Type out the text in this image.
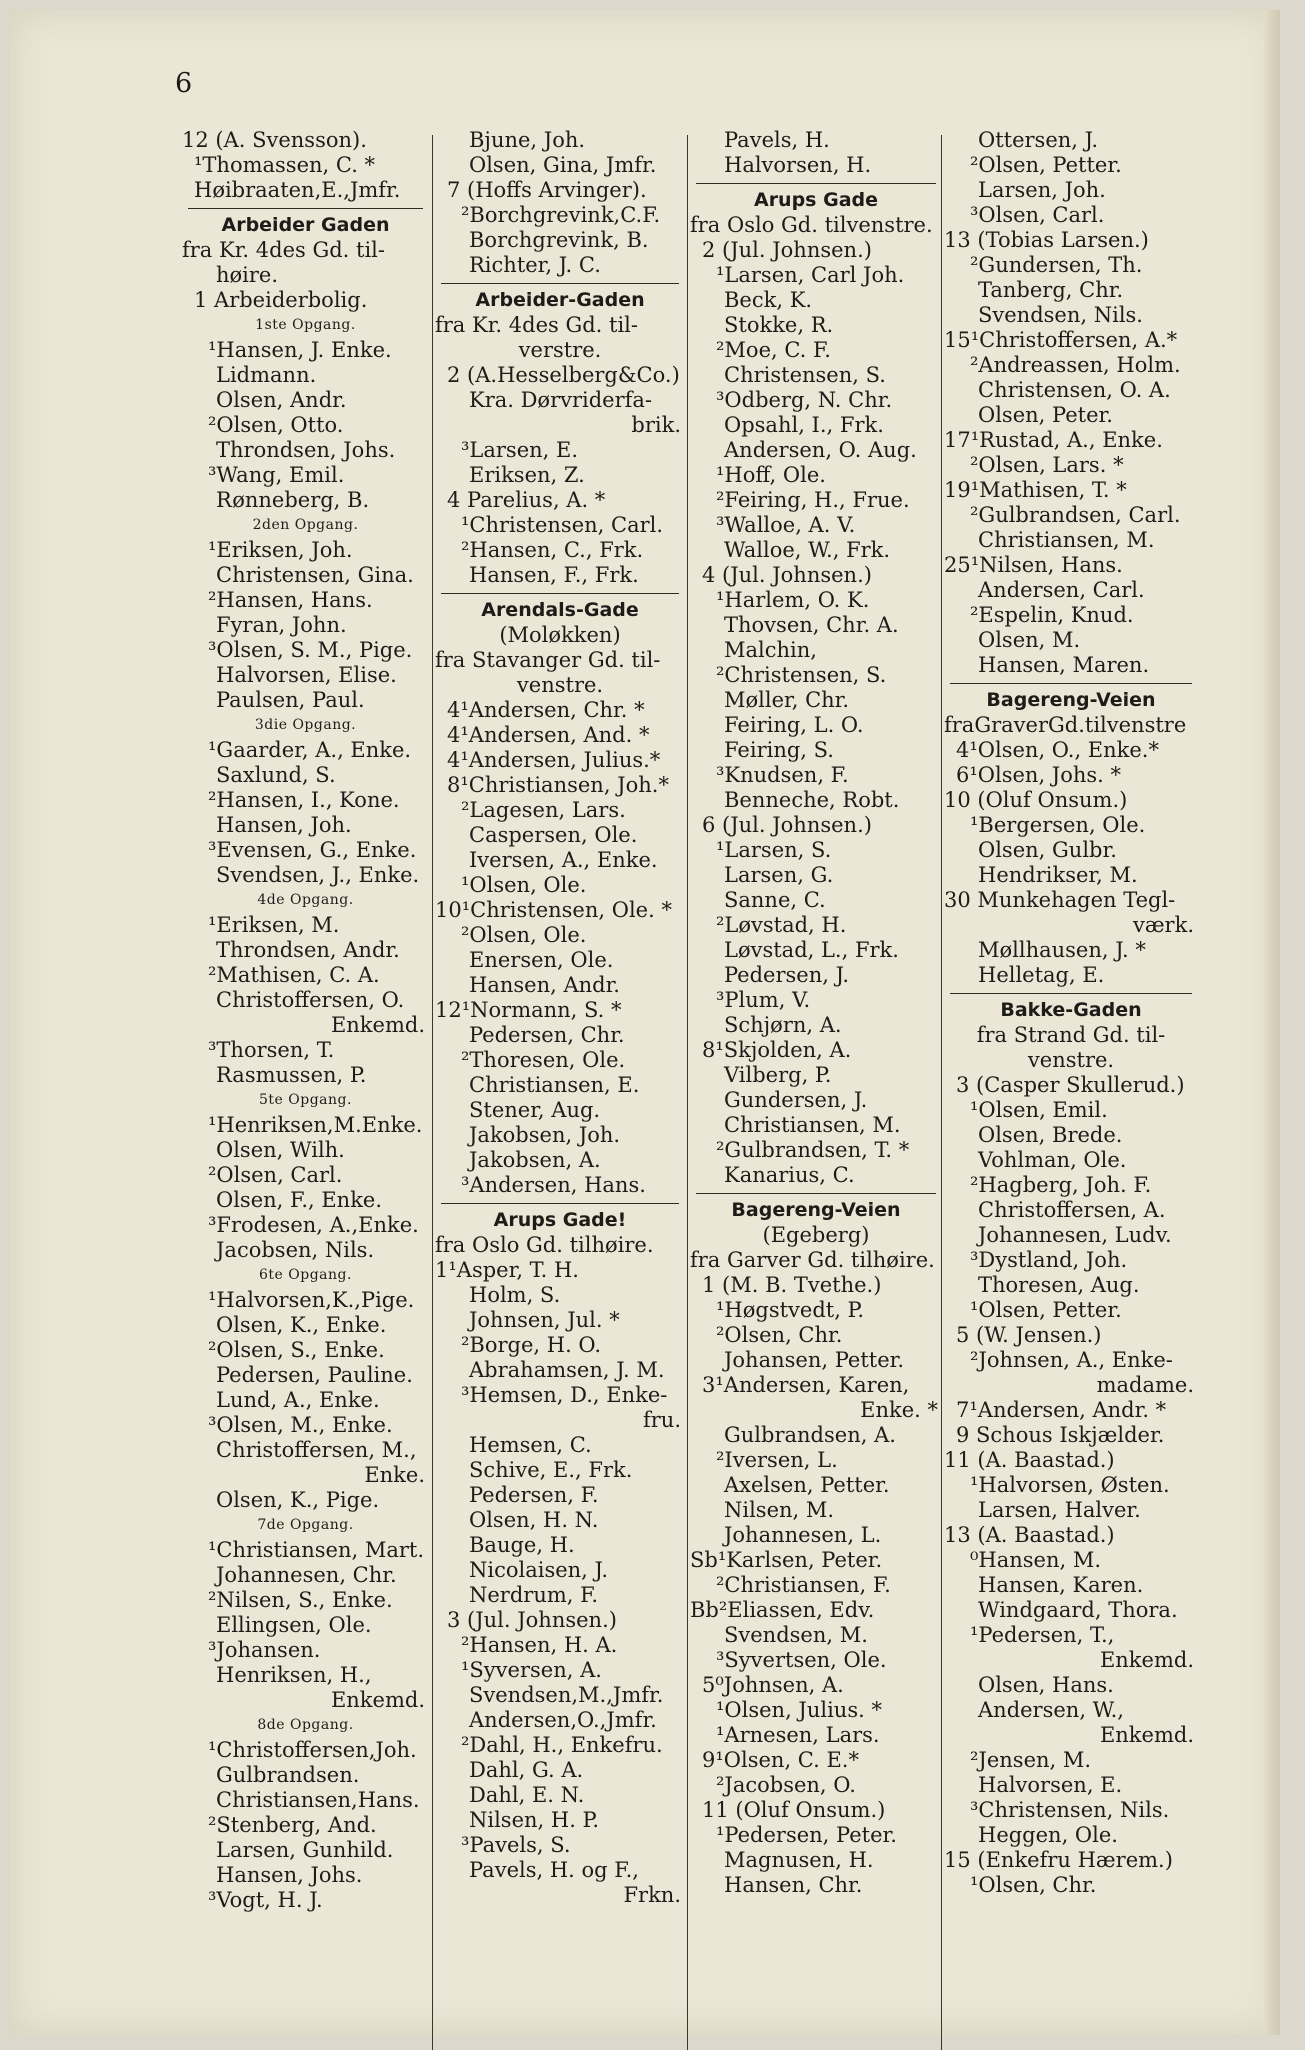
6
12 (A. Svensson).
¹Thomassen, C. *
Høibraaten,E.,Jmfr.
Arbeider Gaden
fra Kr. 4des Gd. til-
høire.
1 Arbeiderbolig.
1ste Opgang.
¹Hansen, J. Enke.
Lidmann.
Olsen, Andr.
²Olsen, Otto.
Throndsen, Johs.
³Wang, Emil.
Rønneberg, B.
2den Opgang.
¹Eriksen, Joh.
Christensen, Gina.
²Hansen, Hans.
Fyran, John.
³Olsen, S. M., Pige.
Halvorsen, Elise.
Paulsen, Paul.
3die Opgang.
¹Gaarder, A., Enke.
Saxlund, S.
²Hansen, I., Kone.
Hansen, Joh.
³Evensen, G., Enke.
Svendsen, J., Enke.
4de Opgang.
¹Eriksen, M.
Throndsen, Andr.
²Mathisen, C. A.
Christoffersen, O.
Enkemd.
³Thorsen, T.
Rasmussen, P.
5te Opgang.
¹Henriksen,M.Enke.
Olsen, Wilh.
²Olsen, Carl.
Olsen, F., Enke.
³Frodesen, A.,Enke.
Jacobsen, Nils.
6te Opgang.
¹Halvorsen,K.,Pige.
Olsen, K., Enke.
²Olsen, S., Enke.
Pedersen, Pauline.
Lund, A., Enke.
³Olsen, M., Enke.
Christoffersen, M.,
Enke.
Olsen, K., Pige.
7de Opgang.
¹Christiansen, Mart.
Johannesen, Chr.
²Nilsen, S., Enke.
Ellingsen, Ole.
³Johansen.
Henriksen, H.,
Enkemd.
8de Opgang.
¹Christoffersen,Joh.
Gulbrandsen.
Christiansen,Hans.
²Stenberg, And.
Larsen, Gunhild.
Hansen, Johs.
³Vogt, H. J.
Bjune, Joh.
Olsen, Gina, Jmfr.
7 (Hoffs Arvinger).
²Borchgrevink,C.F.
Borchgrevink, B.
Richter, J. C.
Arbeider-Gaden
fra Kr. 4des Gd. til-
verstre.
2 (A.Hesselberg&Co.)
Kra. Dørvriderfa-
brik.
³Larsen, E.
Eriksen, Z.
4 Parelius, A. *
¹Christensen, Carl.
²Hansen, C., Frk.
Hansen, F., Frk.
Arendals-Gade
(Moløkken)
fra Stavanger Gd. til-
venstre.
4¹Andersen, Chr. *
4¹Andersen, And. *
4¹Andersen, Julius.*
8¹Christiansen, Joh.*
²Lagesen, Lars.
Caspersen, Ole.
Iversen, A., Enke.
¹Olsen, Ole.
10¹Christensen, Ole. *
²Olsen, Ole.
Enersen, Ole.
Hansen, Andr.
12¹Normann, S. *
Pedersen, Chr.
²Thoresen, Ole.
Christiansen, E.
Stener, Aug.
Jakobsen, Joh.
Jakobsen, A.
³Andersen, Hans.
Arups Gade!
fra Oslo Gd. tilhøire.
1¹Asper, T. H.
Holm, S.
Johnsen, Jul. *
²Borge, H. O.
Abrahamsen, J. M.
³Hemsen, D., Enke-
fru.
Hemsen, C.
Schive, E., Frk.
Pedersen, F.
Olsen, H. N.
Bauge, H.
Nicolaisen, J.
Nerdrum, F.
3 (Jul. Johnsen.)
²Hansen, H. A.
¹Syversen, A.
Svendsen,M.,Jmfr.
Andersen,O.,Jmfr.
²Dahl, H., Enkefru.
Dahl, G. A.
Dahl, E. N.
Nilsen, H. P.
³Pavels, S.
Pavels, H. og F.,
Frkn.
Pavels, H.
Halvorsen, H.
Arups Gade
fra Oslo Gd. tilvenstre.
2 (Jul. Johnsen.)
¹Larsen, Carl Joh.
Beck, K.
Stokke, R.
²Moe, C. F.
Christensen, S.
³Odberg, N. Chr.
Opsahl, I., Frk.
Andersen, O. Aug.
¹Hoff, Ole.
²Feiring, H., Frue.
³Walloe, A. V.
Walloe, W., Frk.
4 (Jul. Johnsen.)
¹Harlem, O. K.
Thovsen, Chr. A.
Malchin,
²Christensen, S.
Møller, Chr.
Feiring, L. O.
Feiring, S.
³Knudsen, F.
Benneche, Robt.
6 (Jul. Johnsen.)
¹Larsen, S.
Larsen, G.
Sanne, C.
²Løvstad, H.
Løvstad, L., Frk.
Pedersen, J.
³Plum, V.
Schjørn, A.
8¹Skjolden, A.
Vilberg, P.
Gundersen, J.
Christiansen, M.
²Gulbrandsen, T. *
Kanarius, C.
Bagereng-Veien
(Egeberg)
fra Garver Gd. tilhøire.
1 (M. B. Tvethe.)
¹Høgstvedt, P.
²Olsen, Chr.
Johansen, Petter.
3¹Andersen, Karen,
Enke. *
Gulbrandsen, A.
²Iversen, L.
Axelsen, Petter.
Nilsen, M.
Johannesen, L.
Sb¹Karlsen, Peter.
²Christiansen, F.
Bb²Eliassen, Edv.
Svendsen, M.
³Syvertsen, Ole.
5⁰Johnsen, A.
¹Olsen, Julius. *
¹Arnesen, Lars.
9¹Olsen, C. E.*
²Jacobsen, O.
11 (Oluf Onsum.)
¹Pedersen, Peter.
Magnusen, H.
Hansen, Chr.
Ottersen, J.
²Olsen, Petter.
Larsen, Joh.
³Olsen, Carl.
13 (Tobias Larsen.)
²Gundersen, Th.
Tanberg, Chr.
Svendsen, Nils.
15¹Christoffersen, A.*
²Andreassen, Holm.
Christensen, O. A.
Olsen, Peter.
17¹Rustad, A., Enke.
²Olsen, Lars. *
19¹Mathisen, T. *
²Gulbrandsen, Carl.
Christiansen, M.
25¹Nilsen, Hans.
Andersen, Carl.
²Espelin, Knud.
Olsen, M.
Hansen, Maren.
Bagereng-Veien
fraGraverGd.tilvenstre
4¹Olsen, O., Enke.*
6¹Olsen, Johs. *
10 (Oluf Onsum.)
¹Bergersen, Ole.
Olsen, Gulbr.
Hendrikser, M.
30 Munkehagen Tegl-
værk.
Møllhausen, J. *
Helletag, E.
Bakke-Gaden
fra Strand Gd. til-
venstre.
3 (Casper Skullerud.)
¹Olsen, Emil.
Olsen, Brede.
Vohlman, Ole.
²Hagberg, Joh. F.
Christoffersen, A.
Johannesen, Ludv.
³Dystland, Joh.
Thoresen, Aug.
¹Olsen, Petter.
5 (W. Jensen.)
²Johnsen, A., Enke-
madame.
7¹Andersen, Andr. *
9 Schous Iskjælder.
11 (A. Baastad.)
¹Halvorsen, Østen.
Larsen, Halver.
13 (A. Baastad.)
⁰Hansen, M.
Hansen, Karen.
Windgaard, Thora.
¹Pedersen, T.,
Enkemd.
Olsen, Hans.
Andersen, W.,
Enkemd.
²Jensen, M.
Halvorsen, E.
³Christensen, Nils.
Heggen, Ole.
15 (Enkefru Hærem.)
¹Olsen, Chr.
